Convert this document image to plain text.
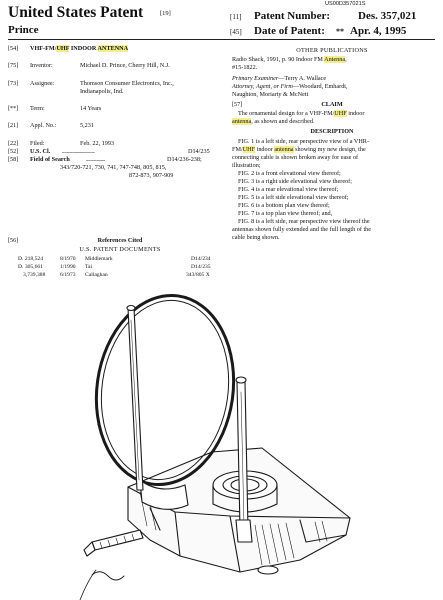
US00D357021S
United States Patent	[19]
Prince
[11] Patent Number:	Des. 357,021
[45] Date of Patent: ** Apr. 4, 1995
[54] VHF-FM/UHF INDOOR ANTENNA
[75] Inventor:	Michael D. Prince, Cherry Hill, N.J.
[73] Assignee:	Thomson Consumer Electronics, Inc.,
Indianapolis, Ind.
[**] Term:	14 Years
[21] Appl. No.:	5,231
[22] Filed:	Feb. 22, 1993
[52] U.S. Cl. ...............................	D14/235
[58] Field of Search	..................	D14/236-238;
343/720-721, 730, 741, 747-748, 805, 815,
872-873, 907-909
[56]	References Cited
U.S. PATENT DOCUMENTS
D. 218,524	8/1970 Middlemark	D14/234
D. 305,661	1/1990 Tai	D14/235
3,739,388	6/1973 Callaghan	343/805 X
OTHER PUBLICATIONS
Radio Shack, 1991, p. 90 Indoor FM Antenna,
#15-1822.
Primary Examiner—Terry A. Wallace
Attorney, Agent, or Firm—Woodard, Emhardt,
Naughton, Moriarty & McNett
[57]	CLAIM
The ornamental design for a VHF-FM/UHF indoor
antenna, as shown and described.
DESCRIPTION
FIG. 1 is a left side, rear perspective view of a VHR-
FM/UHF indoor antenna showing my new design, the
connecting cable is shown broken away for ease of
illustration;
FIG. 2 is a front elevational view thereof;
FIG. 3 is a right side elevational view thereof;
FIG. 4 is a rear elevational view thereof;
FIG. 5 is a left side elevational view thereof;
FIG. 6 is a bottom plan view thereof;
FIG. 7 is a top plan view thereof; and,
FIG. 8 is a left side, rear perspective view thereof the
antennas shown fully extended and the full length of the
cable being shown.
